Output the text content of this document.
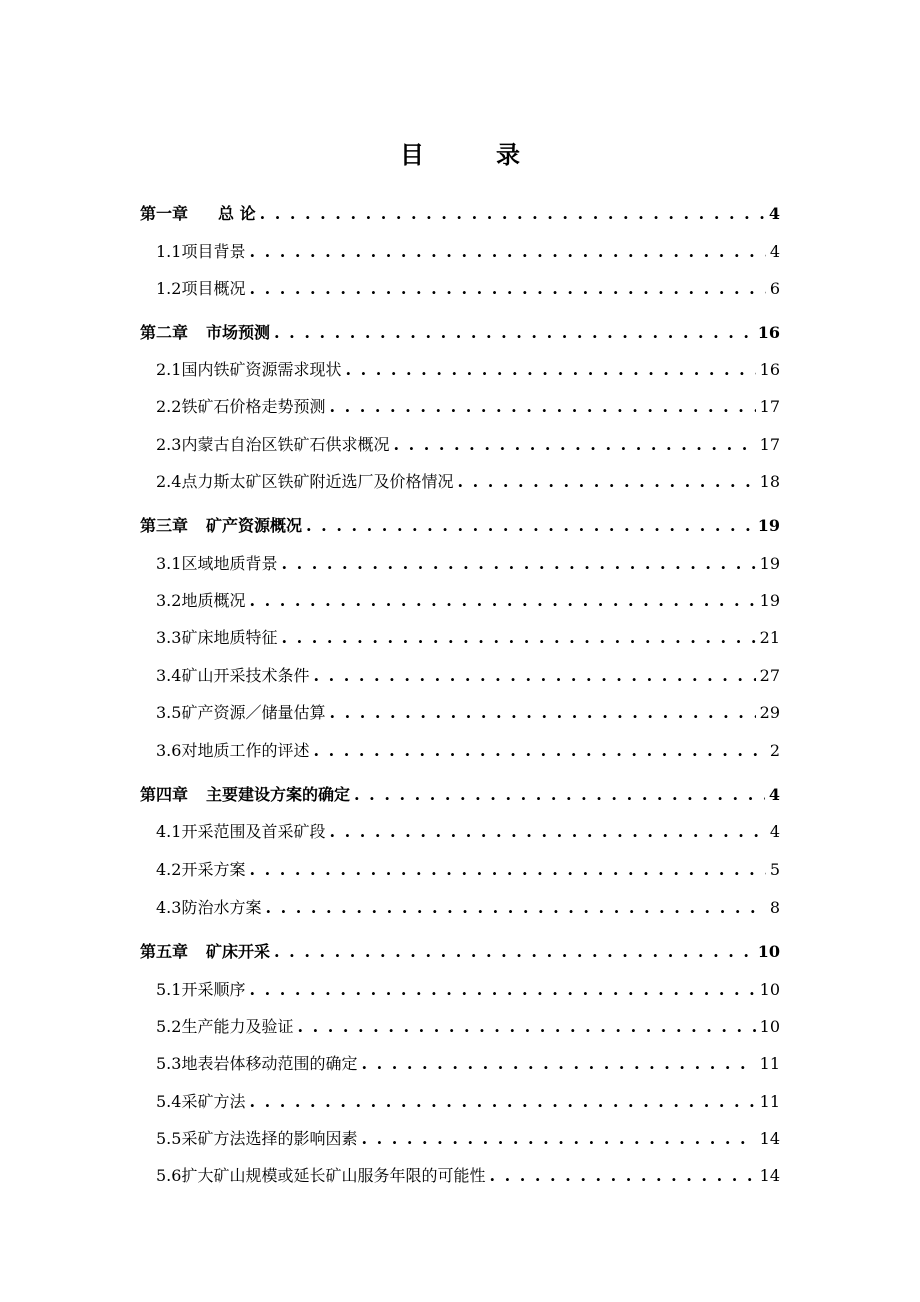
目　录
第一章 总 论 . . .	4
1.1 项目背景 . . .	4
1.2 项目概况 . . .	6
第二章 市场预测 . . .	16
2.1 国内铁矿资源需求现状 . . .	16
2.2 铁矿石价格走势预测 . . .	17
2.3 内蒙古自治区铁矿石供求概况 . . .	17
2.4 点力斯太矿区铁矿附近选厂及价格情况 . . .	18
第三章 矿产资源概况 . . .	19
3.1 区域地质背景 . . .	19
3.2 地质概况 . . .	19
3.3 矿床地质特征 . . .	21
3.4 矿山开采技术条件 . . .	27
3.5 矿产资源／储量估算 . . .	29
3.6 对地质工作的评述 . . .	2
第四章 主要建设方案的确定 . . .	4
4.1 开采范围及首采矿段 . . .	4
4.2 开采方案 . . .	5
4.3 防治水方案 . . .	8
第五章 矿床开采 . . .	10
5.1 开采顺序 . . .	10
5.2 生产能力及验证 . . .	10
5.3 地表岩体移动范围的确定 . . .	11
5.4 采矿方法 . . .	11
5.5 采矿方法选择的影响因素 . . .	14
5.6 扩大矿山规模或延长矿山服务年限的可能性 . . .	14
